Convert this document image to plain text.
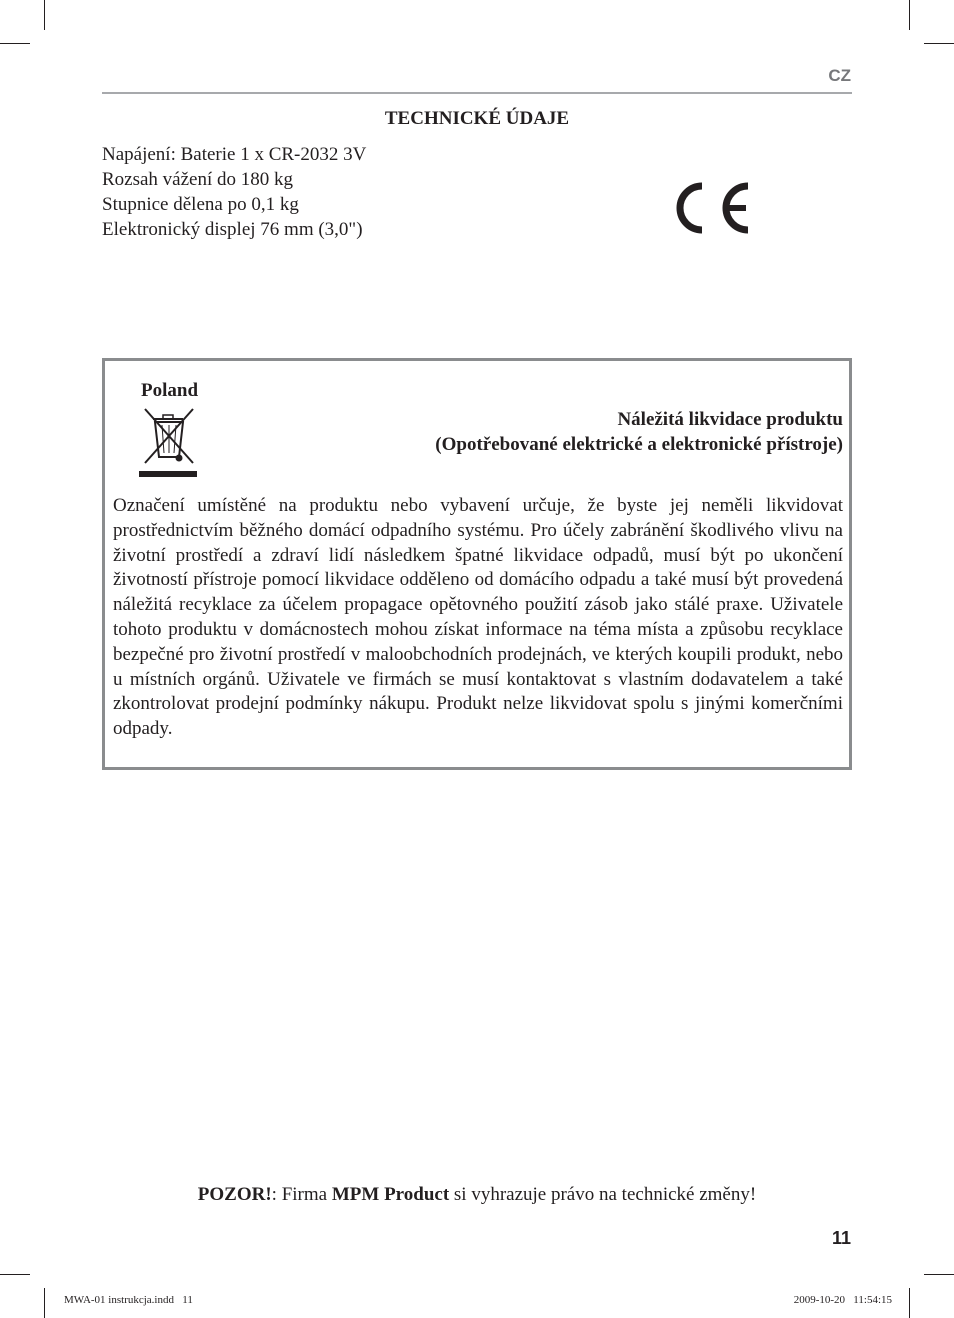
CZ
TECHNICKÉ ÚDAJE
Napájení: Baterie 1 x CR-2032 3V
Rozsah vážení do 180 kg
Stupnice dělena po 0,1 kg
Elektronický displej 76 mm (3,0")
Poland
Náležitá likvidace produktu
(Opotřebované elektrické a elektronické přístroje)
Označení umístěné na produktu nebo vybavení určuje, že byste jej neměli likvidovat prostřednictvím běžného domácí odpadního systému. Pro účely zabránění škodlivého vlivu na životní prostředí a zdraví lidí následkem špatné likvidace odpadů, musí být po ukončení životností přístroje pomocí likvidace odděleno od domácího odpadu a také musí být provedená náležitá recyklace za účelem propagace opětovného použití zásob jako stálé praxe. Uživatele tohoto produktu v domácnostech mohou získat informace na téma místa a způsobu recyklace bezpečné pro životní prostředí v maloobchodních prodejnách, ve kterých koupili produkt, nebo u místních orgánů. Uživatele ve firmách se musí kontaktovat s vlastním dodavatelem a také zkontrolovat prodejní podmínky nákupu. Produkt nelze likvidovat spolu s jinými komerčními odpady.
POZOR!: Firma MPM Product si vyhrazuje právo na technické změny!
11
MWA-01 instrukcja.indd   11	2009-10-20   11:54:15
